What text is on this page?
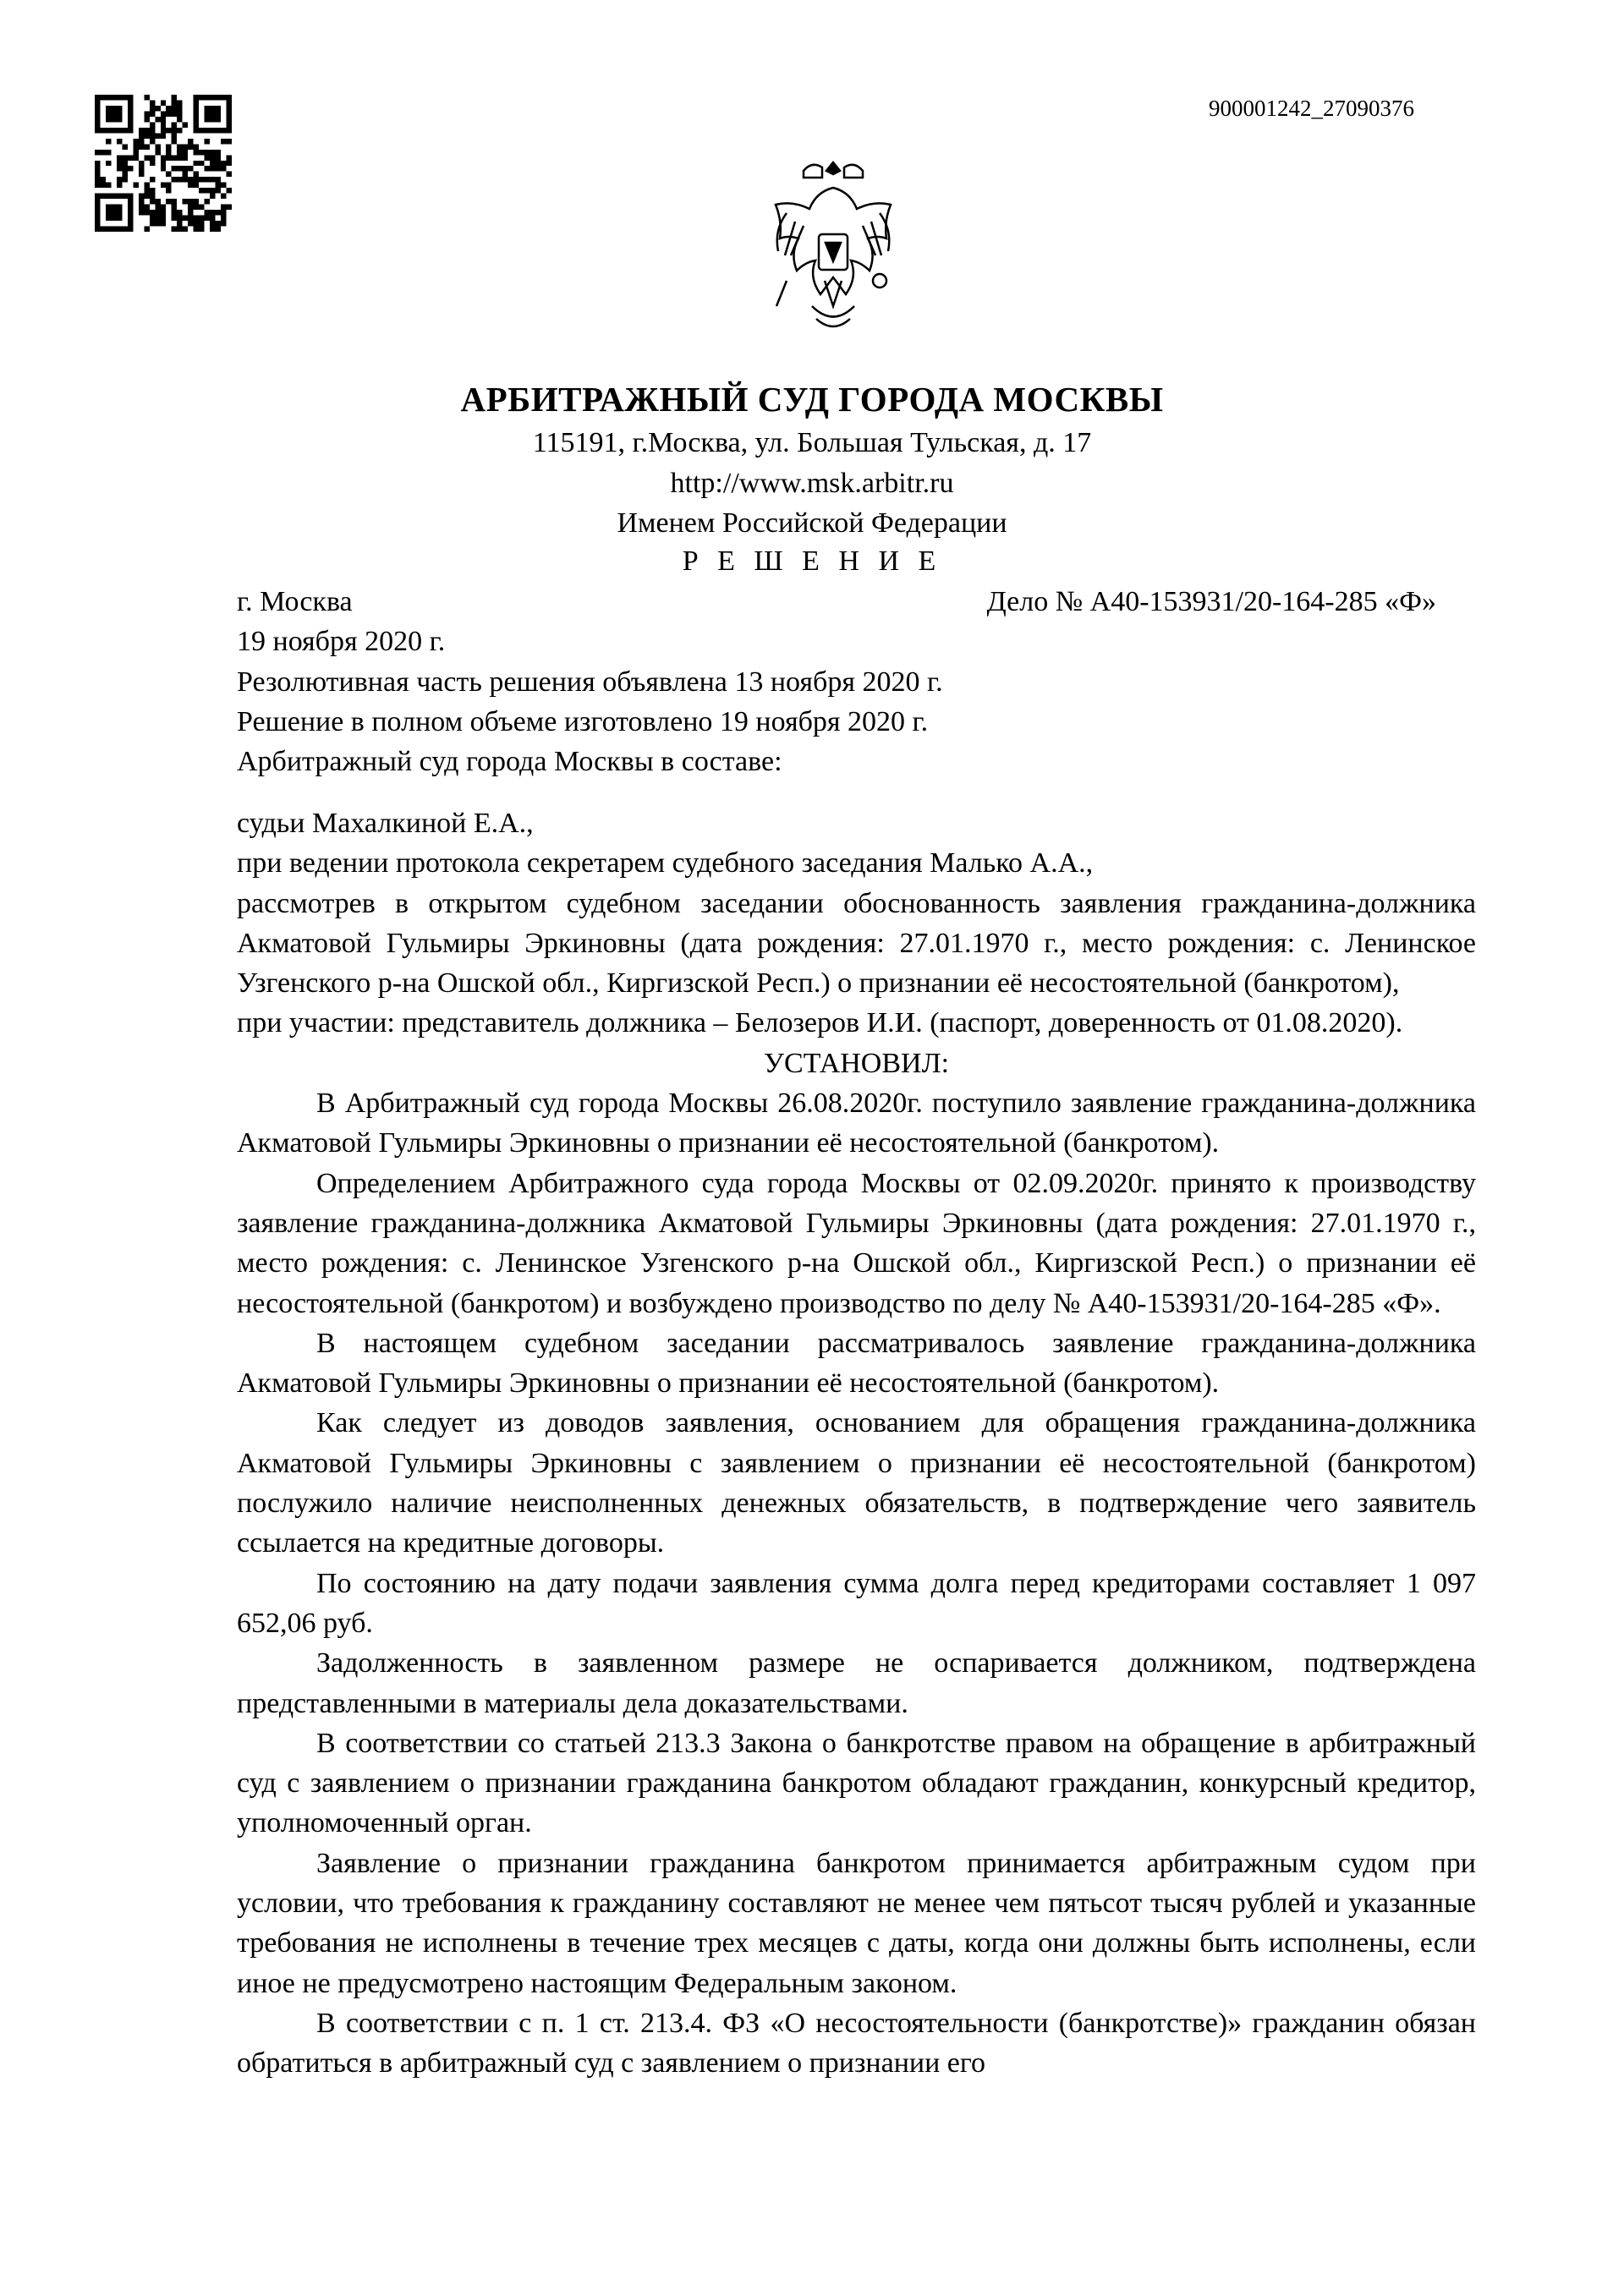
900001242_27090376
АРБИТРАЖНЫЙ СУД ГОРОДА МОСКВЫ
115191, г.Москва, ул. Большая Тульская, д. 17
http://www.msk.arbitr.ru
Именем Российской Федерации
Р Е Ш Е Н И Е
г. Москва	Дело № А40-153931/20-164-285 «Ф»
19 ноября 2020 г.
Резолютивная часть решения объявлена 13 ноября 2020 г.
Решение в полном объеме изготовлено 19 ноября 2020 г.
Арбитражный суд города Москвы в составе:

судьи Махалкиной Е.А.,

при ведении протокола секретарем судебного заседания Малько А.А.,

рассмотрев в открытом судебном заседании обоснованность заявления гражданина-должника Акматовой Гульмиры Эркиновны (дата рождения: 27.01.1970 г., место рождения: с. Ленинское Узгенского р-на Ошской обл., Киргизской Респ.) о признании её несостоятельной (банкротом),

при участии: представитель должника – Белозеров И.И. (паспорт, доверенность от 01.08.2020).

УСТАНОВИЛ:

В Арбитражный суд города Москвы 26.08.2020г. поступило заявление гражданина-должника Акматовой Гульмиры Эркиновны о признании её несостоятельной (банкротом).

Определением Арбитражного суда города Москвы от 02.09.2020г. принято к производству заявление гражданина-должника Акматовой Гульмиры Эркиновны (дата рождения: 27.01.1970 г., место рождения: с. Ленинское Узгенского р-на Ошской обл., Киргизской Респ.) о признании её несостоятельной (банкротом) и возбуждено производство по делу № А40-153931/20-164-285 «Ф».

В настоящем судебном заседании рассматривалось заявление гражданина-должника Акматовой Гульмиры Эркиновны о признании её несостоятельной (банкротом).

Как следует из доводов заявления, основанием для обращения гражданина-должника Акматовой Гульмиры Эркиновны с заявлением о признании её несостоятельной (банкротом) послужило наличие неисполненных денежных обязательств, в подтверждение чего заявитель ссылается на кредитные договоры.

По состоянию на дату подачи заявления сумма долга перед кредиторами составляет 1 097 652,06 руб.

Задолженность в заявленном размере не оспаривается должником, подтверждена представленными в материалы дела доказательствами.

В соответствии со статьей 213.3 Закона о банкротстве правом на обращение в арбитражный суд с заявлением о признании гражданина банкротом обладают гражданин, конкурсный кредитор, уполномоченный орган.

Заявление о признании гражданина банкротом принимается арбитражным судом при условии, что требования к гражданину составляют не менее чем пятьсот тысяч рублей и указанные требования не исполнены в течение трех месяцев с даты, когда они должны быть исполнены, если иное не предусмотрено настоящим Федеральным законом.

В соответствии с п. 1 ст. 213.4. ФЗ «О несостоятельности (банкротстве)» гражданин обязан обратиться в арбитражный суд с заявлением о признании его
